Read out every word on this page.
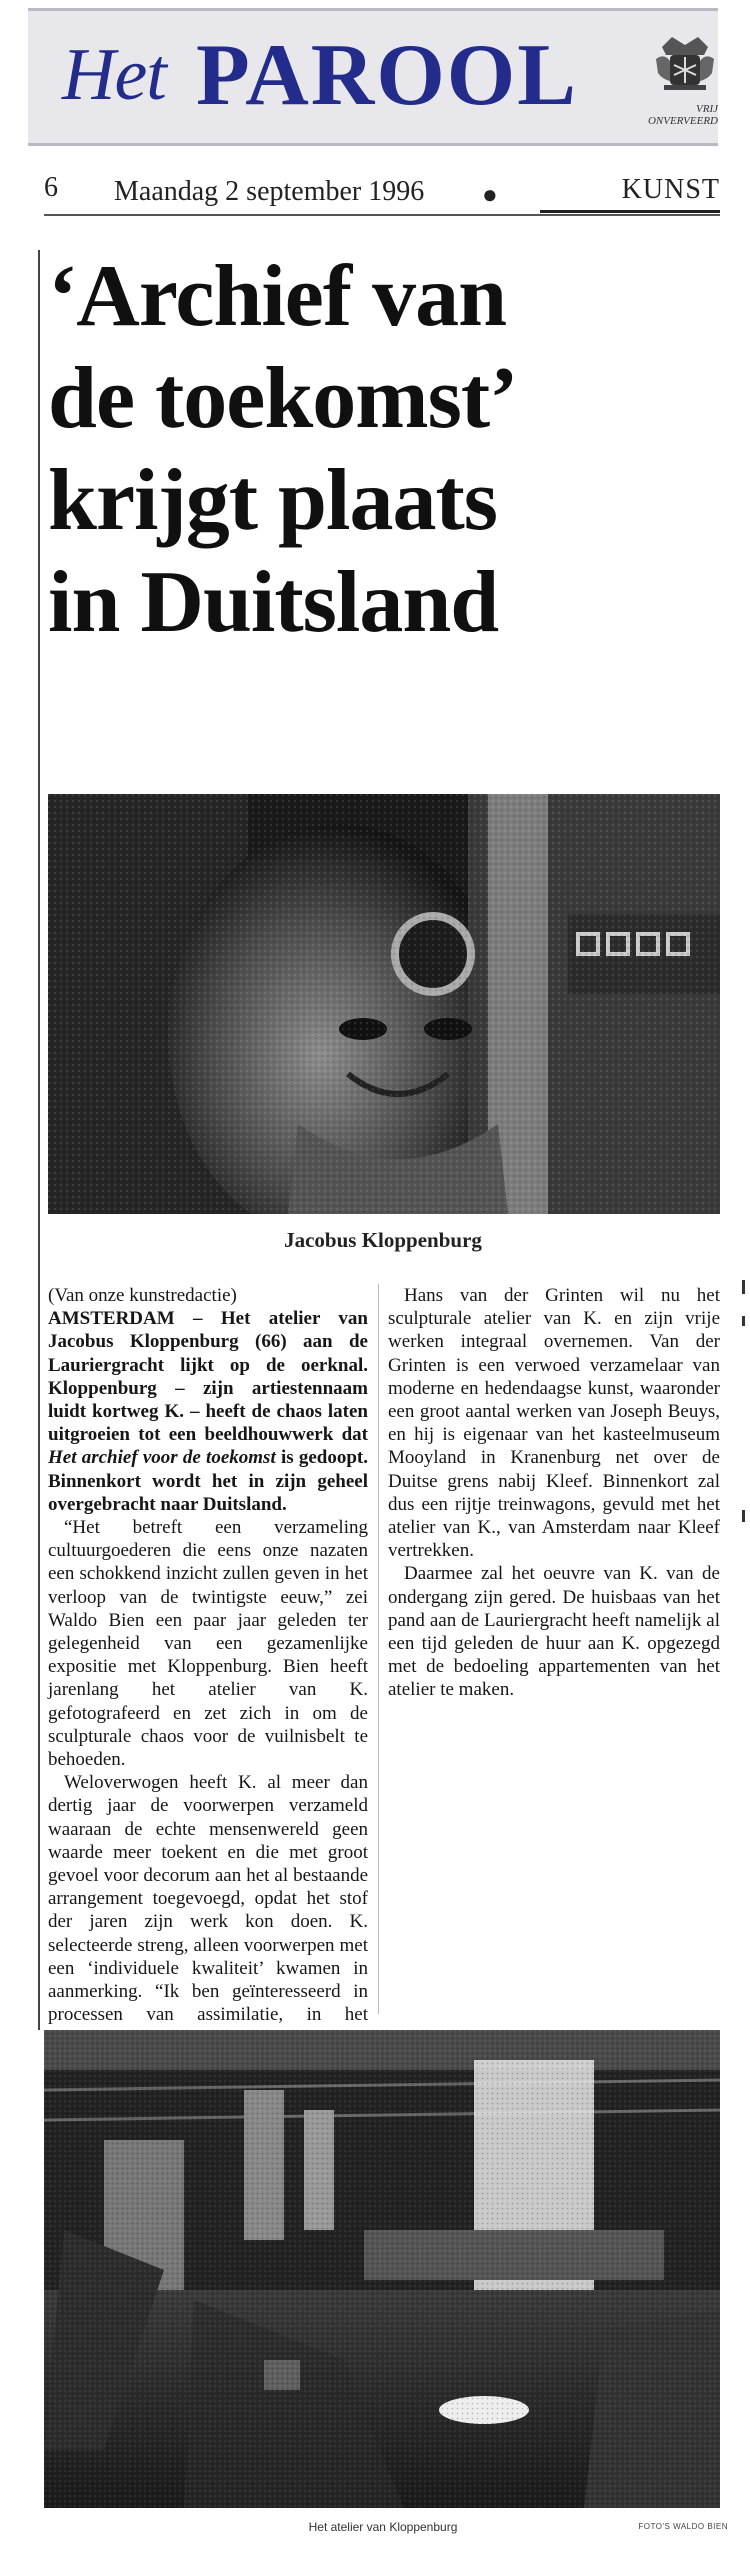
Het PAROOL	VRIJ
ONVERVEERD
6 Maandag 2 september 1996 ●	KUNST
‘Archief van
de toekomst’
krijgt plaats
in Duitsland
Jacobus Kloppenburg

(Van onze kunstredactie)
AMSTERDAM – Het atelier van Jacobus Kloppenburg (66) aan de Lauriergracht lijkt op de oerknal. Kloppenburg – zijn artiestennaam luidt kortweg K. – heeft de chaos laten uitgroeien tot een beeldhouwwerk dat Het archief voor de toekomst is gedoopt. Binnenkort wordt het in zijn geheel overgebracht naar Duitsland.

“Het betreft een verzameling cultuurgoederen die eens onze nazaten een schokkend inzicht zullen geven in het verloop van de twintigste eeuw,” zei Waldo Bien een paar jaar geleden ter gelegenheid van een gezamenlijke expositie met Kloppenburg. Bien heeft jarenlang het atelier van K. gefotografeerd en zet zich in om de sculpturale chaos voor de vuilnisbelt te behoeden.

Weloverwogen heeft K. al meer dan dertig jaar de voorwerpen verzameld waaraan de echte mensenwereld geen waarde meer toekent en die met groot gevoel voor decorum aan het al bestaande arrangement toegevoegd, opdat het stof der jaren zijn werk kon doen. K. selecteerde streng, alleen voorwerpen met een ‘individuele kwaliteit’ kwamen in aanmerking. “Ik ben geïnteresseerd in processen van assimilatie, in het

Hans van der Grinten wil nu het sculpturale atelier van K. en zijn vrije werken integraal overnemen. Van der Grinten is een verwoed verzamelaar van moderne en hedendaagse kunst, waaronder een groot aantal werken van Joseph Beuys, en hij is eigenaar van het kasteelmuseum Mooyland in Kranenburg net over de Duitse grens nabij Kleef. Binnenkort zal dus een rijtje treinwagons, gevuld met het atelier van K., van Amsterdam naar Kleef vertrekken.

Daarmee zal het oeuvre van K. van de ondergang zijn gered. De huisbaas van het pand aan de Lauriergracht heeft namelijk al een tijd geleden de huur aan K. opgezegd met de bedoeling appartementen van het atelier te maken.

Het atelier van Kloppenburg	FOTO'S WALDO BIEN
